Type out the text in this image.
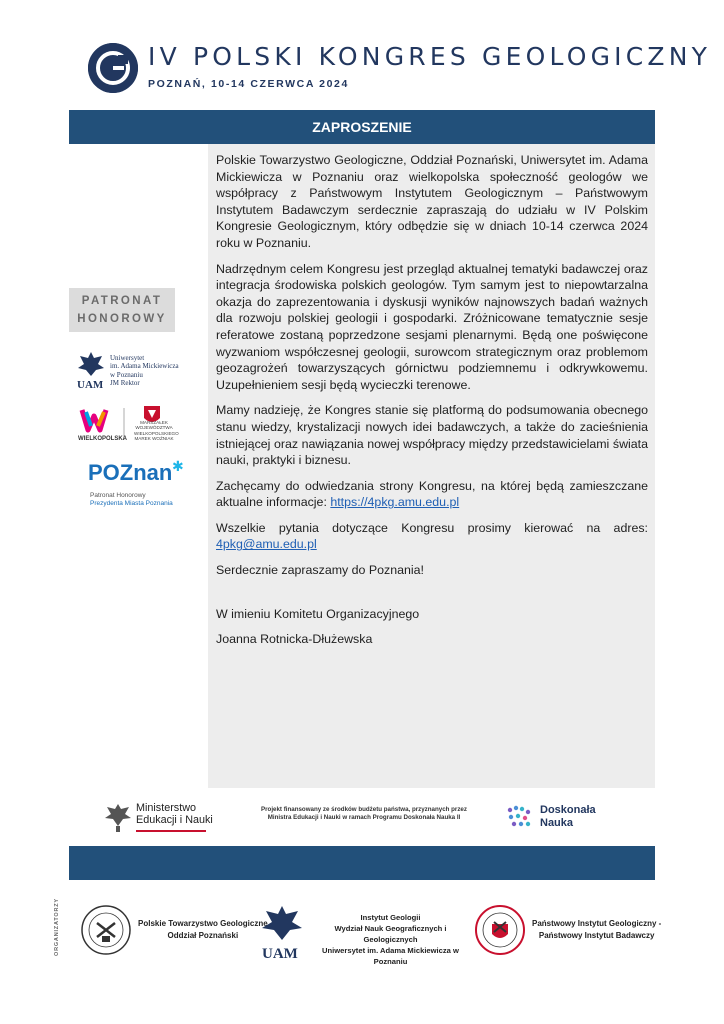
IV POLSKI KONGRES GEOLOGICZNY
POZNAŃ, 10-14 CZERWCA 2024
ZAPROSZENIE

Polskie Towarzystwo Geologiczne, Oddział Poznański, Uniwersytet im. Adama Mickiewicza w Poznaniu oraz wielkopolska społeczność geologów we współpracy z Państwowym Instytutem Geologicznym – Państwowym Instytutem Badawczym serdecznie zapraszają do udziału w IV Polskim Kongresie Geologicznym, który odbędzie się w dniach 10-14 czerwca 2024 roku w Poznaniu.

Nadrzędnym celem Kongresu jest przegląd aktualnej tematyki badawczej oraz integracja środowiska polskich geologów. Tym samym jest to niepowtarzalna okazja do zaprezentowania i dyskusji wyników najnowszych badań ważnych dla rozwoju polskiej geologii i gospodarki. Zróżnicowane tematycznie sesje referatowe zostaną poprzedzone sesjami plenarnymi. Będą one poświęcone wyzwaniom współczesnej geologii, surowcom strategicznym oraz problemom geozagrożeń towarzyszących górnictwu podziemnemu i odkrywkowemu. Uzupełnieniem sesji będą wycieczki terenowe.

Mamy nadzieję, że Kongres stanie się platformą do podsumowania obecnego stanu wiedzy, krystalizacji nowych idei badawczych, a także do zacieśnienia istniejącej oraz nawiązania nowej współpracy między przedstawicielami świata nauki, praktyki i biznesu.

Zachęcamy do odwiedzania strony Kongresu, na której będą zamieszczane aktualne informacje: https://4pkg.amu.edu.pl

Wszelkie pytania dotyczące Kongresu prosimy kierować na adres: 4pkg@amu.edu.pl

Serdecznie zapraszamy do Poznania!

W imieniu Komitetu Organizacyjnego

Joanna Rotnicka-Dłużewska

PATRONAT
HONOROWY
UAM
Uniwersytet
im. Adama Mickiewicza
w Poznaniu
JM Rektor
WIELKOPOLSKA
MARSZAŁEK
WOJEWÓDZTWA
WIELKOPOLSKIEGO
MAREK WOŹNIAK
POZnan ✱
Patronat Honorowy
Prezydenta Miasta Poznania
Ministerstwo
Edukacji i Nauki
Projekt finansowany ze środków budżetu państwa, przyznanych przez
Ministra Edukacji i Nauki w ramach Programu Doskonała Nauka II
Doskonała
Nauka
ORGANIZATORZY	Polskie Towarzystwo Geologiczne
Oddział Poznański
UAM
Instytut Geologii
Wydział Nauk Geograficznych i Geologicznych
Uniwersytet im. Adama Mickiewicza w Poznaniu
Państwowy Instytut Geologiczny -
Państwowy Instytut Badawczy
